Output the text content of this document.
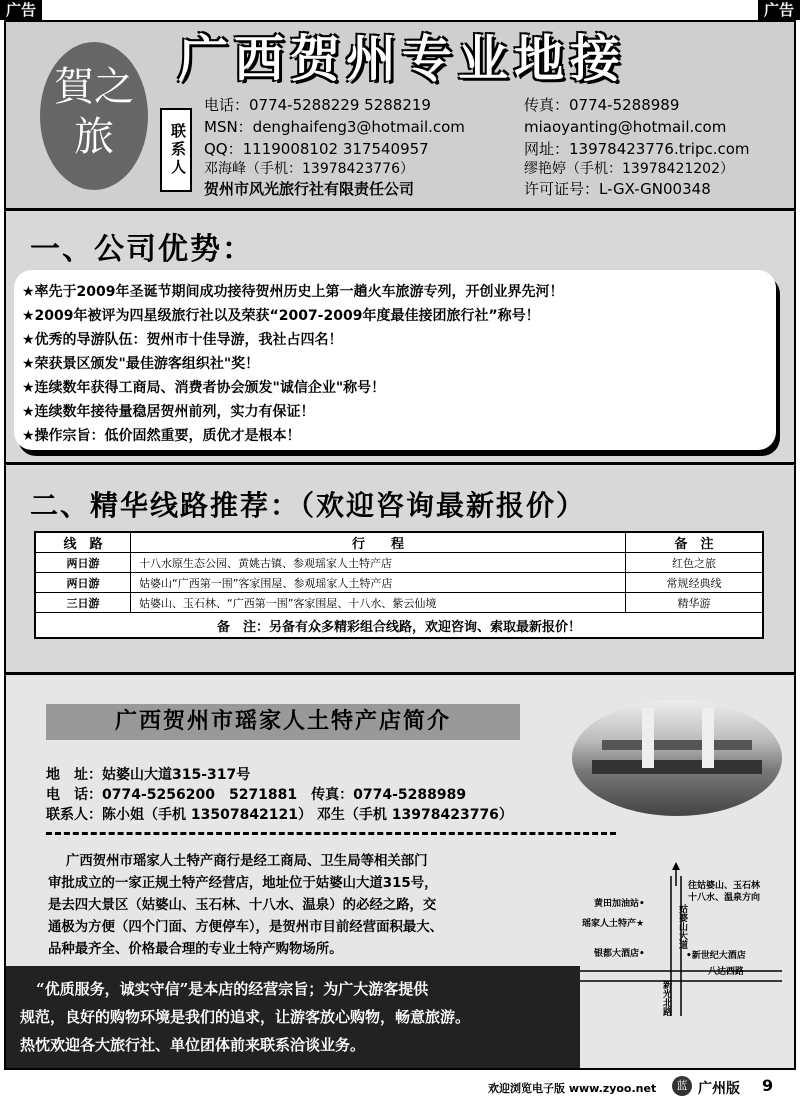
广告	广告
賀之旅
广西贺州专业地接
联系人
电话：0774-5288229 5288219	传真：0774-5288989
MSN：denghaifeng3@hotmail.com	miaoyanting@hotmail.com
QQ：1119008102 317540957	网址：13978423776.tripc.com
邓海峰（手机：13978423776）	缪艳婷（手机：13978421202）
贺州市风光旅行社有限责任公司	许可证号：L-GX-GN00348
一、公司优势：
★率先于2009年圣诞节期间成功接待贺州历史上第一趟火车旅游专列，开创业界先河！
★2009年被评为四星级旅行社以及荣获“2007-2009年度最佳接团旅行社”称号！
★优秀的导游队伍：贺州市十佳导游，我社占四名！
★荣获景区颁发"最佳游客组织社"奖！
★连续数年获得工商局、消费者协会颁发"诚信企业"称号！
★连续数年接待量稳居贺州前列，实力有保证！
★操作宗旨：低价固然重要，质优才是根本！
二、精华线路推荐：（欢迎咨询最新报价）
线　路	行　　程	备　注
两日游	十八水原生态公园、黄姚古镇、参观瑶家人土特产店	红色之旅
两日游	姑婆山“广西第一围”客家围屋、参观瑶家人土特产店	常规经典线
三日游	姑婆山、玉石林、“广西第一围”客家围屋、十八水、紫云仙境	精华游
备　注：另备有众多精彩组合线路，欢迎咨询、索取最新报价！		
广西贺州市瑶家人土特产店简介
地　址：姑婆山大道315-317号
电　话：0774-5256200　5271881　传真：0774-5288989
联系人：陈小姐（手机 13507842121） 邓生（手机 13978423776）
广西贺州市瑶家人土特产商行是经工商局、卫生局等相关部门
审批成立的一家正规土特产经营店，地址位于姑婆山大道315号，
是去四大景区（姑婆山、玉石林、十八水、温泉）的必经之路，交
通极为方便（四个门面、方便停车），是贺州市目前经营面积最大、
品种最齐全、价格最合理的专业土特产购物场所。
黄田加油站•
瑶家人土特产★
银都大酒店•
往姑婆山、玉石林
十八水、温泉方向
姑婆山大道
•新世纪大酒店
八达西路
新光北路
“优质服务，诚实守信”是本店的经营宗旨；为广大游客提供
规范，良好的购物环境是我们的追求，让游客放心购物，畅意旅游。
热忱欢迎各大旅行社、单位团体前来联系洽谈业务。
欢迎浏览电子版 www.zyoo.net	蓝 广州版 9
